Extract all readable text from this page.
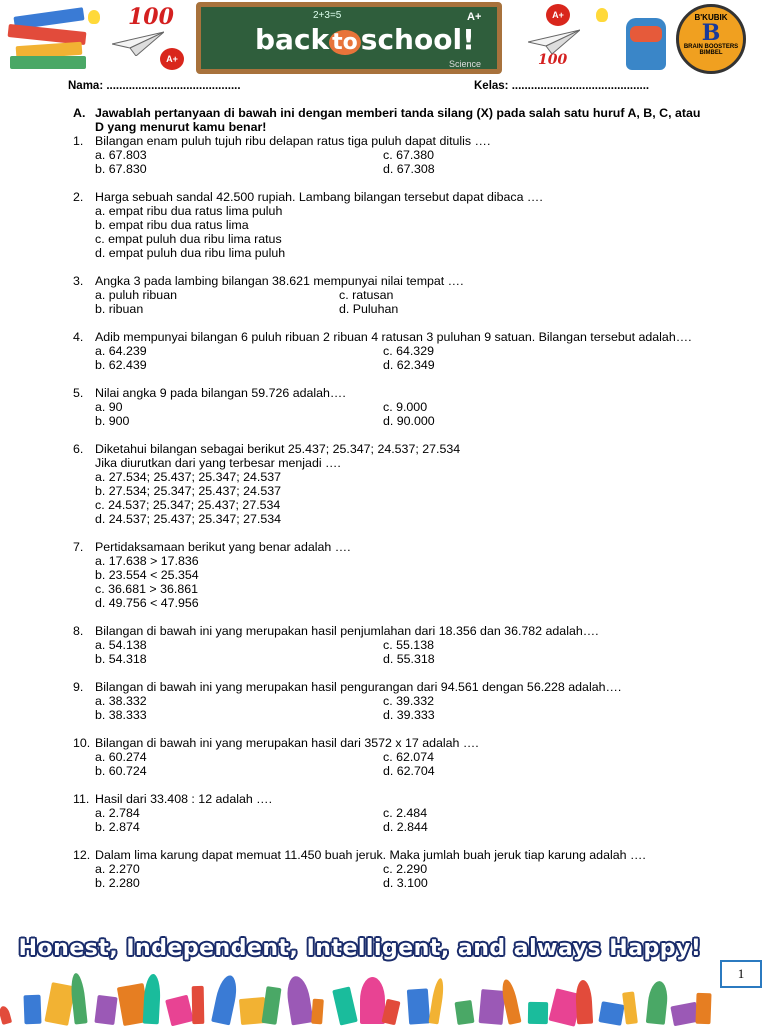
100
A+
2+3=5	A+
back to school!
Science
A+
100
B'KUBIK
B
BRAIN BOOSTERS BIMBEL
Nama: ..........................................	Kelas: ...........................................
A. Jawablah pertanyaan di bawah ini dengan memberi tanda silang (X) pada salah satu huruf A, B, C, atau D yang menurut kamu benar!
1. Bilangan enam puluh tujuh ribu delapan ratus tiga puluh dapat ditulis ….
a. 67.803	c. 67.380
b. 67.830	d. 67.308
2. Harga sebuah sandal 42.500 rupiah. Lambang bilangan tersebut dapat dibaca ….
a. empat ribu dua ratus lima puluh
b. empat ribu dua ratus lima
c. empat puluh dua ribu lima ratus
d. empat puluh dua ribu lima puluh
3. Angka 3 pada lambing bilangan 38.621 mempunyai nilai tempat ….
a. puluh ribuan	c. ratusan
b. ribuan	d. Puluhan
4. Adib mempunyai bilangan 6 puluh ribuan 2 ribuan 4 ratusan 3 puluhan 9 satuan. Bilangan tersebut adalah….
a. 64.239	c. 64.329
b. 62.439	d. 62.349
5. Nilai angka 9 pada bilangan 59.726 adalah….
a. 90	c. 9.000
b. 900	d. 90.000
6. Diketahui bilangan sebagai berikut 25.437; 25.347; 24.537; 27.534
Jika diurutkan dari yang terbesar menjadi ….
a. 27.534; 25.437; 25.347; 24.537
b. 27.534; 25.347; 25.437; 24.537
c. 24.537; 25.347; 25.437; 27.534
d. 24.537; 25.437; 25.347; 27.534
7. Pertidaksamaan berikut yang benar adalah ….
a. 17.638 > 17.836
b. 23.554 < 25.354
c. 36.681 > 36.861
d. 49.756 < 47.956
8. Bilangan di bawah ini yang merupakan hasil penjumlahan dari 18.356 dan 36.782 adalah….
a. 54.138	c. 55.138
b. 54.318	d. 55.318
9. Bilangan di bawah ini yang merupakan hasil pengurangan dari 94.561 dengan 56.228 adalah….
a. 38.332	c. 39.332
b. 38.333	d. 39.333
10. Bilangan di bawah ini yang merupakan hasil dari 3572 x 17 adalah ….
a. 60.274	c. 62.074
b. 60.724	d. 62.704
11. Hasil dari 33.408 : 12 adalah ….
a. 2.784	c. 2.484
b. 2.874	d. 2.844
12. Dalam lima karung dapat memuat 11.450 buah jeruk. Maka jumlah buah jeruk tiap karung adalah ….
a. 2.270	c. 2.290
b. 2.280	d. 3.100
Honest, Independent, Intelligent, and always Happy!
1
